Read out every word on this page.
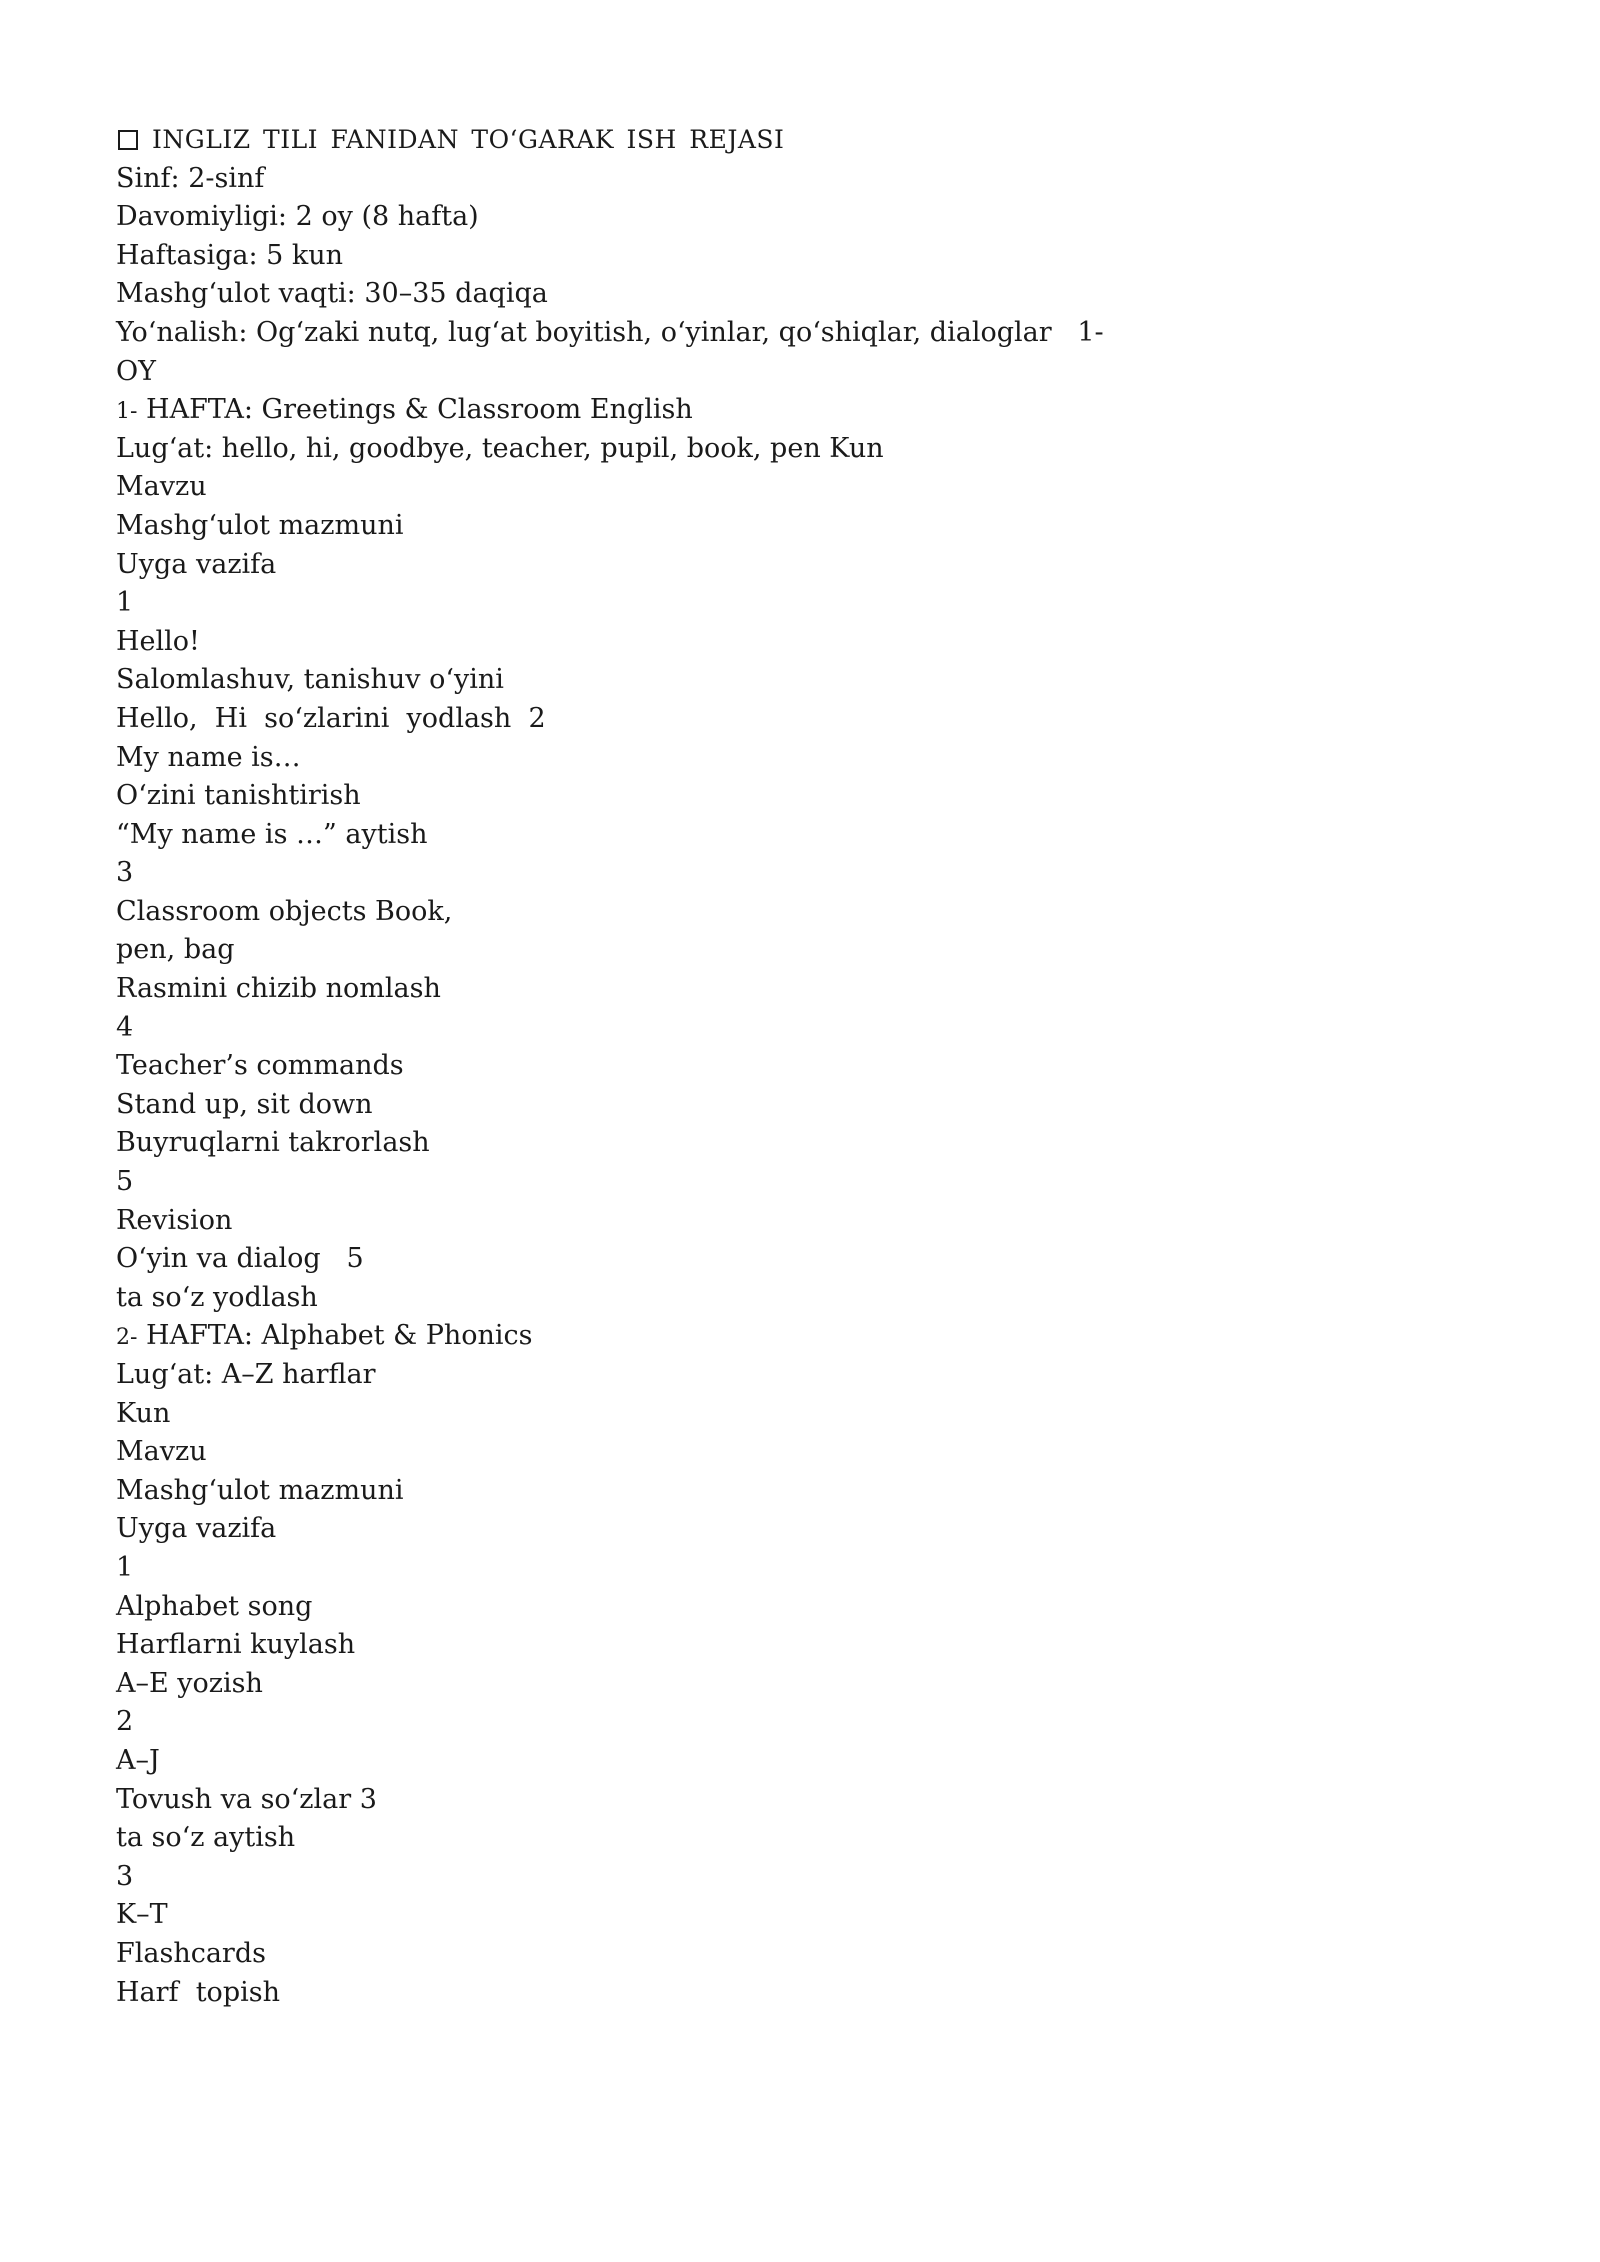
INGLIZ TILI FANIDAN TO‘GARAK ISH REJASI
Sinf: 2-sinf
Davomiyligi: 2 oy (8 hafta)
Haftasiga: 5 kun
Mashg‘ulot vaqti: 30–35 daqiqa
Yo‘nalish: Og‘zaki nutq, lug‘at boyitish, o‘yinlar, qo‘shiqlar, dialoglar   1-
OY
1- HAFTA: Greetings & Classroom English
Lug‘at: hello, hi, goodbye, teacher, pupil, book, pen Kun
Mavzu
Mashg‘ulot mazmuni
Uyga vazifa
1
Hello!
Salomlashuv, tanishuv o‘yini
Hello,  Hi  so‘zlarini  yodlash  2
My name is…
O‘zini tanishtirish
“My name is …” aytish
3
Classroom objects Book,
pen, bag
Rasmini chizib nomlash
4
Teacher’s commands
Stand up, sit down
Buyruqlarni takrorlash
5
Revision
O‘yin va dialog   5
ta so‘z yodlash
2- HAFTA: Alphabet & Phonics
Lug‘at: A–Z harflar
Kun
Mavzu
Mashg‘ulot mazmuni
Uyga vazifa
1
Alphabet song
Harflarni kuylash
A–E yozish
2
A–J
Tovush va so‘zlar 3
ta so‘z aytish
3
K–T
Flashcards
Harf  topish
